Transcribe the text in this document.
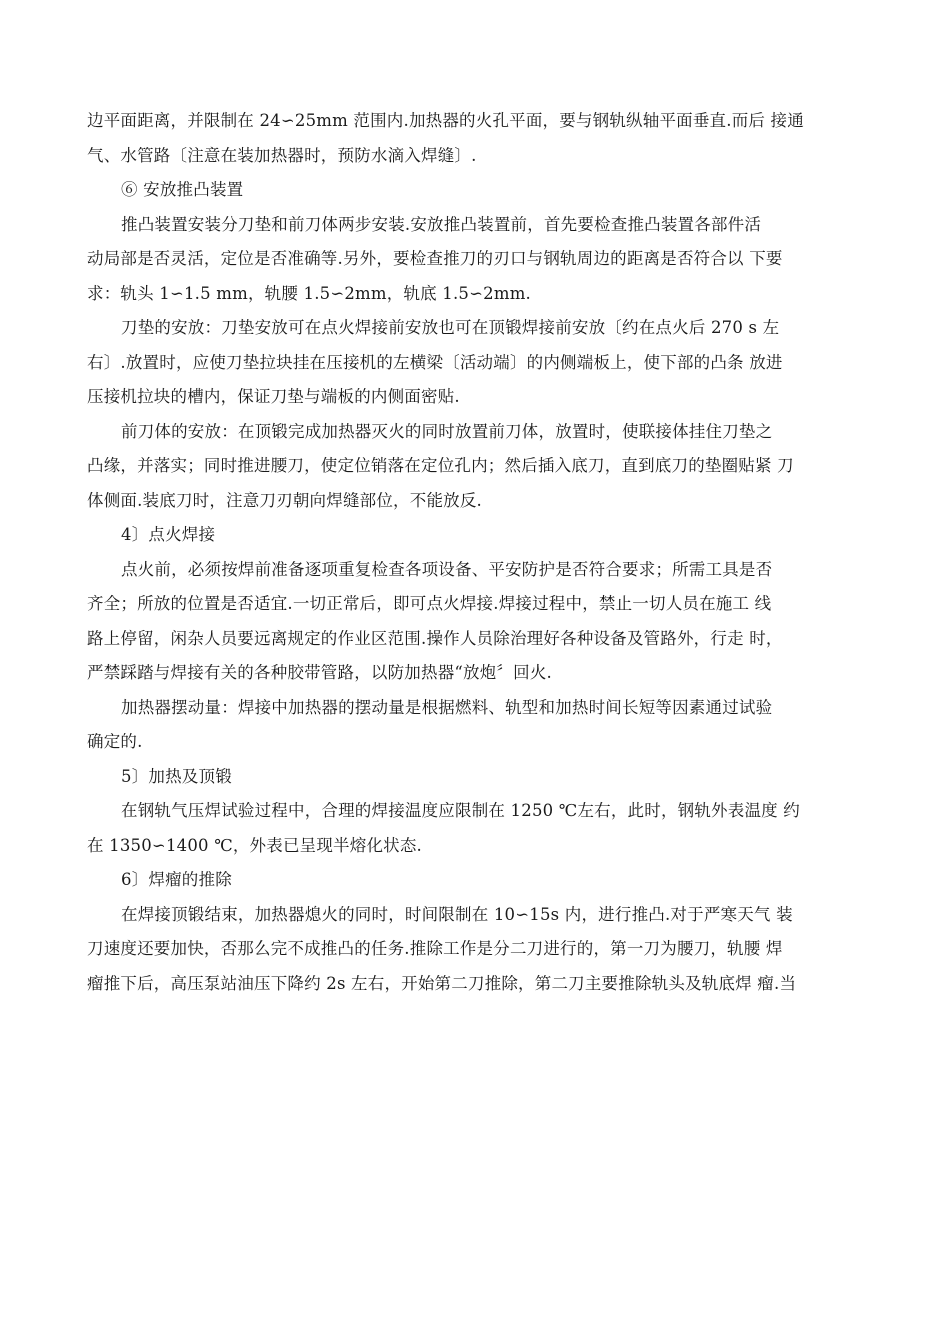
边平面距离，并限制在 24∽25mm 范围内.加热器的火孔平面，要与钢轨纵轴平面垂直.而后 接通
气、水管路〔注意在装加热器时，预防水滴入焊缝〕.
⑥ 安放推凸装置
推凸装置安装分刀垫和前刀体两步安装.安放推凸装置前，首先要检查推凸装置各部件活
动局部是否灵活，定位是否准确等.另外，要检查推刀的刃口与钢轨周边的距离是否符合以 下要
求：轨头 1∽1.5 mm，轨腰 1.5∽2mm，轨底 1.5∽2mm.
刀垫的安放：刀垫安放可在点火焊接前安放也可在顶锻焊接前安放〔约在点火后 270 s 左
右〕.放置时，应使刀垫拉块挂在压接机的左横梁〔活动端〕的内侧端板上，使下部的凸条 放进
压接机拉块的槽内，保证刀垫与端板的内侧面密贴.
前刀体的安放：在顶锻完成加热器灭火的同时放置前刀体，放置时，使联接体挂住刀垫之
凸缘，并落实；同时推进腰刀，使定位销落在定位孔内；然后插入底刀，直到底刀的垫圈贴紧 刀
体侧面.装底刀时，注意刀刃朝向焊缝部位，不能放反.
4〕点火焊接
点火前，必须按焊前准备逐项重复检查各项设备、平安防护是否符合要求；所需工具是否
齐全；所放的位置是否适宜.一切正常后，即可点火焊接.焊接过程中，禁止一切人员在施工 线
路上停留，闲杂人员要远离规定的作业区范围.操作人员除治理好各种设备及管路外，行走 时，
严禁踩踏与焊接有关的各种胶带管路，以防加热器“放炮〞回火.
加热器摆动量：焊接中加热器的摆动量是根据燃料、轨型和加热时间长短等因素通过试验
确定的.
5〕加热及顶锻
在钢轨气压焊试验过程中，合理的焊接温度应限制在 1250 ℃左右，此时，钢轨外表温度 约
在 1350∽1400 ℃，外表已呈现半熔化状态.
6〕焊瘤的推除
在焊接顶锻结束，加热器熄火的同时，时间限制在 10∽15s 内，进行推凸.对于严寒天气 装
刀速度还要加快，否那么完不成推凸的任务.推除工作是分二刀进行的，第一刀为腰刀，轨腰 焊
瘤推下后，高压泵站油压下降约 2s 左右，开始第二刀推除，第二刀主要推除轨头及轨底焊 瘤.当
